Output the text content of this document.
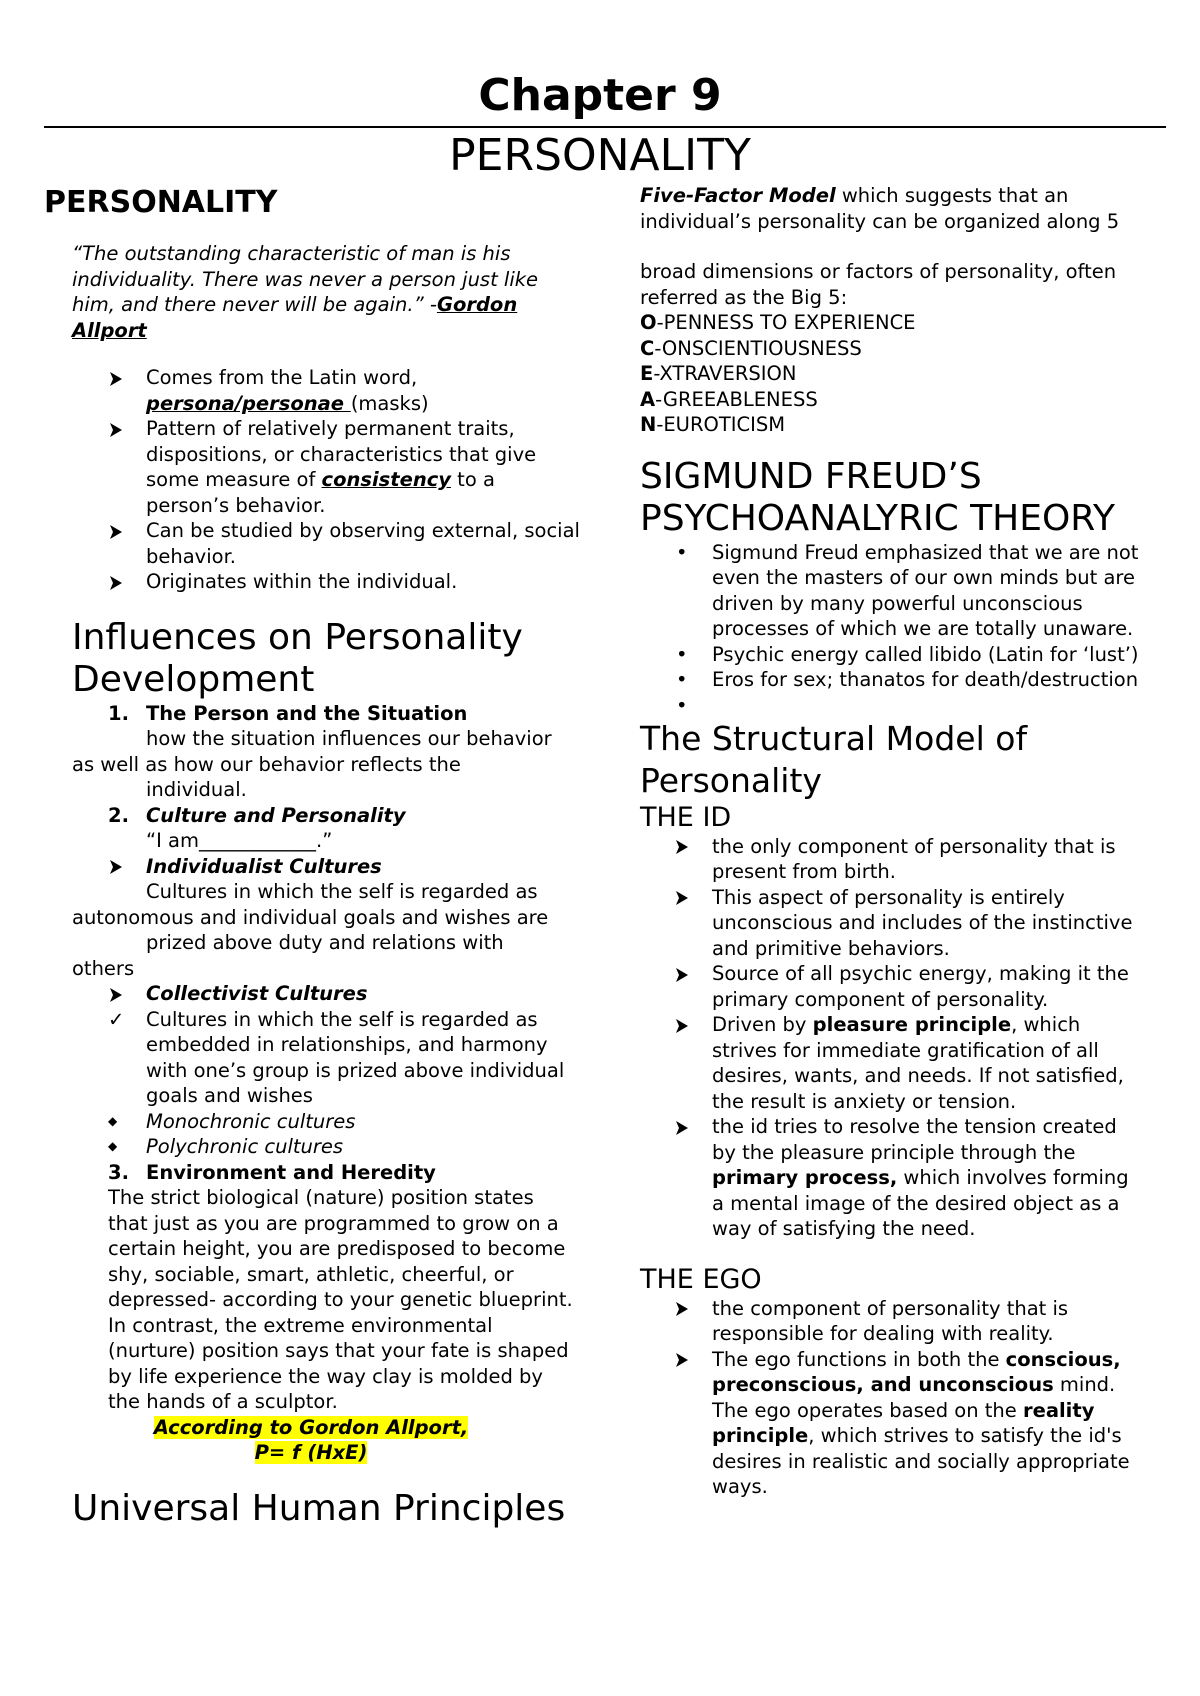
Chapter 9
PERSONALITY
PERSONALITY
“The outstanding characteristic of man is his individuality. There was never a person just like him, and there never will be again.” -Gordon Allport
Comes from the Latin word, persona/personae (masks)
Pattern of relatively permanent traits, dispositions, or characteristics that give some measure of consistency to a person’s behavior.
Can be studied by observing external, social behavior.
Originates within the individual.
Influences on Personality Development
1. The Person and the Situation
how the situation influences our behavior
as well as how our behavior reflects the
individual.
2. Culture and Personality
“I am____________.”
Individualist Cultures
Cultures in which the self is regarded as
autonomous and individual goals and wishes are
prized above duty and relations with
others
Collectivist Cultures
✓	Cultures in which the self is regarded as embedded in relationships, and harmony with one’s group is prized above individual goals and wishes
◆	Monochronic cultures
◆	Polychronic cultures
3. Environment and Heredity
The strict biological (nature) position states that just as you are programmed to grow on a certain height, you are predisposed to become shy, sociable, smart, athletic, cheerful, or depressed- according to your genetic blueprint. In contrast, the extreme environmental (nurture) position says that your fate is shaped by life experience the way clay is molded by the hands of a sculptor.
According to Gordon Allport,
P= f (HxE)
Universal Human Principles
Five-Factor Model which suggests that an individual’s personality can be organized along 5
broad dimensions or factors of personality, often referred as the Big 5:
O-PENNESS TO EXPERIENCE
C-ONSCIENTIOUSNESS
E-XTRAVERSION
A-GREEABLENESS
N-EUROTICISM
SIGMUND FREUD’S PSYCHOANALYRIC THEORY
• Sigmund Freud emphasized that we are not even the masters of our own minds but are driven by many powerful unconscious processes of which we are totally unaware.
• Psychic energy called libido (Latin for ‘lust’)
• Eros for sex; thanatos for death/destruction
•
The Structural Model of Personality
THE ID
the only component of personality that is present from birth.
This aspect of personality is entirely unconscious and includes of the instinctive and primitive behaviors.
Source of all psychic energy, making it the primary component of personality.
Driven by pleasure principle, which strives for immediate gratification of all desires, wants, and needs. If not satisfied, the result is anxiety or tension.
the id tries to resolve the tension created by the pleasure principle through the primary process, which involves forming a mental image of the desired object as a way of satisfying the need.
THE EGO
the component of personality that is responsible for dealing with reality.
The ego functions in both the conscious, preconscious, and unconscious mind. The ego operates based on the reality principle, which strives to satisfy the id's desires in realistic and socially appropriate ways.
